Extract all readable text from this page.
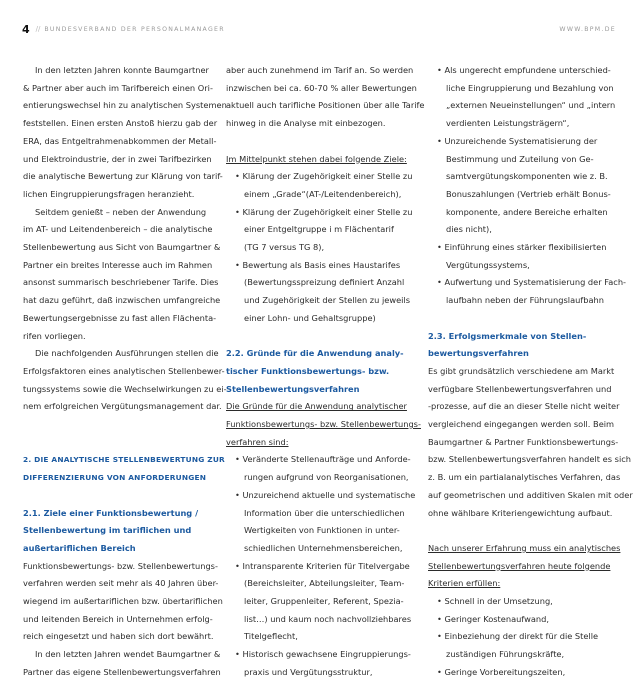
4 // BUNDESVERBAND DER PERSONALMANAGER	WWW.BPM.DE

In den letzten Jahren konnte Baumgartner

& Partner aber auch im Tarifbereich einen Ori-

entierungswechsel hin zu analytischen Systemen

feststellen. Einen ersten Anstoß hierzu gab der

ERA, das Entgeltrahmenabkommen der Metall-

und Elektroindustrie, der in zwei Tarifbezirken

die analytische Bewertung zur Klärung von tarif-

lichen Eingruppierungsfragen heranzieht.

Seitdem genießt – neben der Anwendung

im AT- und Leitendenbereich – die analytische

Stellenbewertung aus Sicht von Baumgartner &

Partner ein breites Interesse auch im Rahmen

ansonst summarisch beschriebener Tarife. Dies

hat dazu geführt, daß inzwischen umfangreiche

Bewertungsergebnisse zu fast allen Flächenta-

rifen vorliegen.

Die nachfolgenden Ausführungen stellen die

Erfolgsfaktoren eines analytischen Stellenbewer-

tungssystems sowie die Wechselwirkungen zu ei-

nem erfolgreichen Vergütungsmanagement dar.

2. DIE ANALYTISCHE STELLENBEWERTUNG ZUR

DIFFERENZIERUNG VON ANFORDERUNGEN

2.1. Ziele einer Funktionsbewertung /

Stellenbewertung im tariflichen und

außertariflichen Bereich

Funktionsbewertungs- bzw. Stellenbewertungs-

verfahren werden seit mehr als 40 Jahren über-

wiegend im außertariflichen bzw. übertariflichen

und leitenden Bereich in Unternehmen erfolg-

reich eingesetzt und haben sich dort bewährt.

In den letzten Jahren wendet Baumgartner &

Partner das eigene Stellenbewertungsverfahren

aber auch zunehmend im Tarif an. So werden

inzwischen bei ca. 60-70 % aller Bewertungen

aktuell auch tarifliche Positionen über alle Tarife

hinweg in die Analyse mit einbezogen.

Im Mittelpunkt stehen dabei folgende Ziele:

• Klärung der Zugehörigkeit einer Stelle zu

einem „Grade“(AT-/Leitendenbereich),

• Klärung der Zugehörigkeit einer Stelle zu

einer Entgeltgruppe i m Flächentarif

(TG 7 versus TG 8),

• Bewertung als Basis eines Haustarifes

(Bewertungsspreizung definiert Anzahl

und Zugehörigkeit der Stellen zu jeweils

einer Lohn- und Gehaltsgruppe)

2.2. Gründe für die Anwendung analy-

tischer Funktionsbewertungs- bzw.

Stellenbewertungsverfahren

Die Gründe für die Anwendung analytischer

Funktionsbewertungs- bzw. Stellenbewertungs-

verfahren sind:

• Veränderte Stellenaufträge und Anforde-

rungen aufgrund von Reorganisationen,

• Unzureichend aktuelle und systematische

Information über die unterschiedlichen

Wertigkeiten von Funktionen in unter-

schiedlichen Unternehmensbereichen,

• Intransparente Kriterien für Titelvergabe

(Bereichsleiter, Abteilungsleiter, Team-

leiter, Gruppenleiter, Referent, Spezia-

list…) und kaum noch nachvollziehbares

Titelgeflecht,

• Historisch gewachsene Eingruppierungs-

praxis und Vergütungsstruktur,

• Als ungerecht empfundene unterschied-

liche Eingruppierung und Bezahlung von

„externen Neueinstellungen“ und „intern

verdienten Leistungsträgern“,

• Unzureichende Systematisierung der

Bestimmung und Zuteilung von Ge-

samtvergütungskomponenten wie z. B.

Bonuszahlungen (Vertrieb erhält Bonus-

komponente, andere Bereiche erhalten

dies nicht),

• Einführung eines stärker flexibilisierten

Vergütungssystems,

• Aufwertung und Systematisierung der Fach-

laufbahn neben der Führungslaufbahn

2.3. Erfolgsmerkmale von Stellen-

bewertungsverfahren

Es gibt grundsätzlich verschiedene am Markt

verfügbare Stellenbewertungsverfahren und

-prozesse, auf die an dieser Stelle nicht weiter

vergleichend eingegangen werden soll. Beim

Baumgartner & Partner Funktionsbewertungs-

bzw. Stellenbewertungsverfahren handelt es sich

z. B. um ein partialanalytisches Verfahren, das

auf geometrischen und additiven Skalen mit oder

ohne wählbare Kriteriengewichtung aufbaut.

Nach unserer Erfahrung muss ein analytisches

Stellenbewertungsverfahren heute folgende

Kriterien erfüllen:

• Schnell in der Umsetzung,

• Geringer Kostenaufwand,

• Einbeziehung der direkt für die Stelle

zuständigen Führungskräfte,

• Geringe Vorbereitungszeiten,
